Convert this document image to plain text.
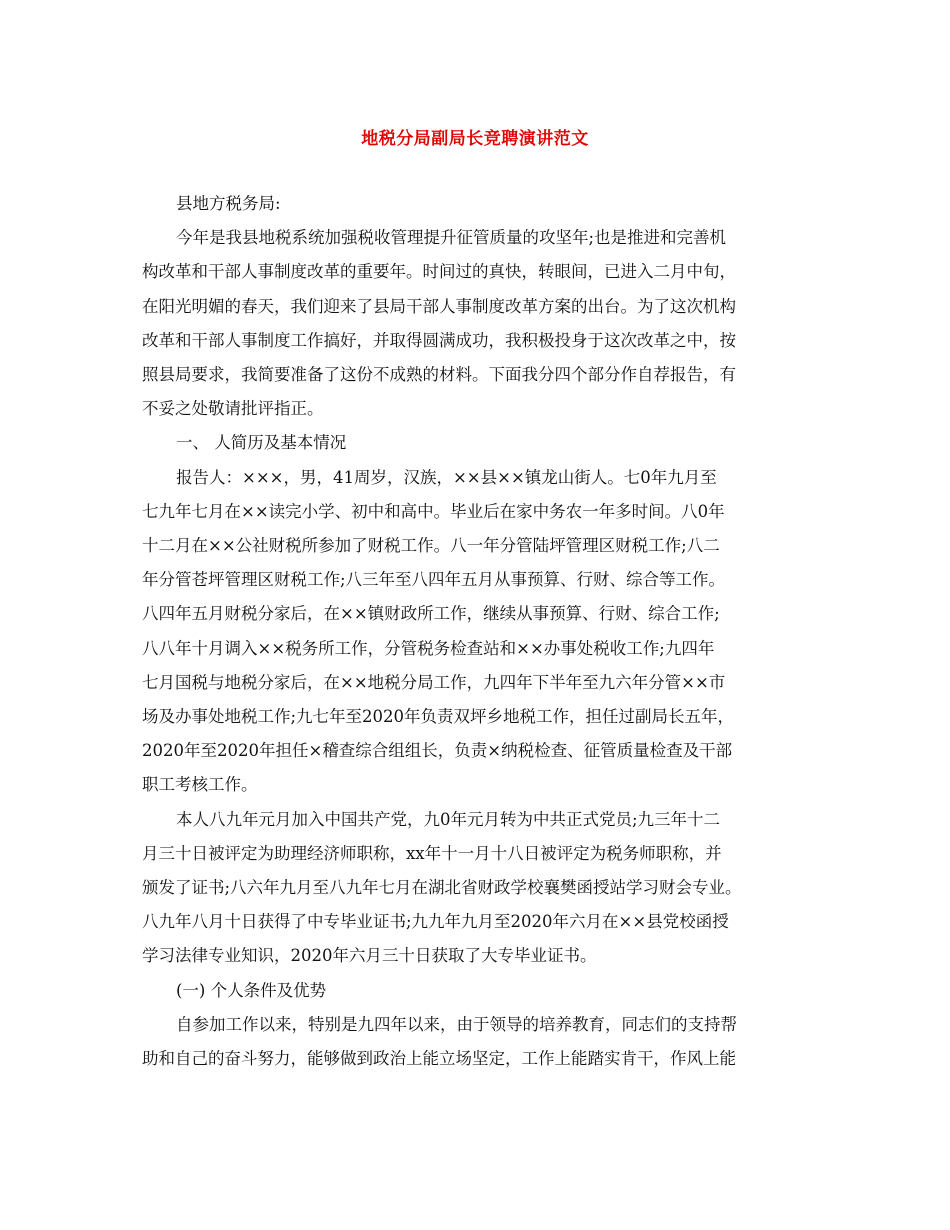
地税分局副局长竞聘演讲范文
县地方税务局:
今年是我县地税系统加强税收管理提升征管质量的攻坚年;也是推进和完善机
构改革和干部人事制度改革的重要年。时间过的真快，转眼间，已进入二月中旬，
在阳光明媚的春天，我们迎来了县局干部人事制度改革方案的出台。为了这次机构
改革和干部人事制度工作搞好，并取得圆满成功，我积极投身于这次改革之中，按
照县局要求，我简要准备了这份不成熟的材料。下面我分四个部分作自荐报告，有
不妥之处敬请批评指正。
一、 人简历及基本情况
报告人：×××，男，41周岁，汉族，××县××镇龙山街人。七0年九月至
七九年七月在××读完小学、初中和高中。毕业后在家中务农一年多时间。八0年
十二月在××公社财税所参加了财税工作。八一年分管陆坪管理区财税工作;八二
年分管苍坪管理区财税工作;八三年至八四年五月从事预算、行财、综合等工作。
八四年五月财税分家后，在××镇财政所工作，继续从事预算、行财、综合工作;
八八年十月调入××税务所工作，分管税务检查站和××办事处税收工作;九四年
七月国税与地税分家后，在××地税分局工作，九四年下半年至九六年分管××市
场及办事处地税工作;九七年至2020年负责双坪乡地税工作，担任过副局长五年，
2020年至2020年担任×稽查综合组组长，负责×纳税检查、征管质量检查及干部
职工考核工作。
本人八九年元月加入中国共产党，九0年元月转为中共正式党员;九三年十二
月三十日被评定为助理经济师职称，xx年十一月十八日被评定为税务师职称，并
颁发了证书;八六年九月至八九年七月在湖北省财政学校襄樊函授站学习财会专业。
八九年八月十日获得了中专毕业证书;九九年九月至2020年六月在××县党校函授
学习法律专业知识，2020年六月三十日获取了大专毕业证书。
(一) 个人条件及优势
自参加工作以来，特别是九四年以来，由于领导的培养教育，同志们的支持帮
助和自己的奋斗努力，能够做到政治上能立场坚定，工作上能踏实肯干，作风上能
